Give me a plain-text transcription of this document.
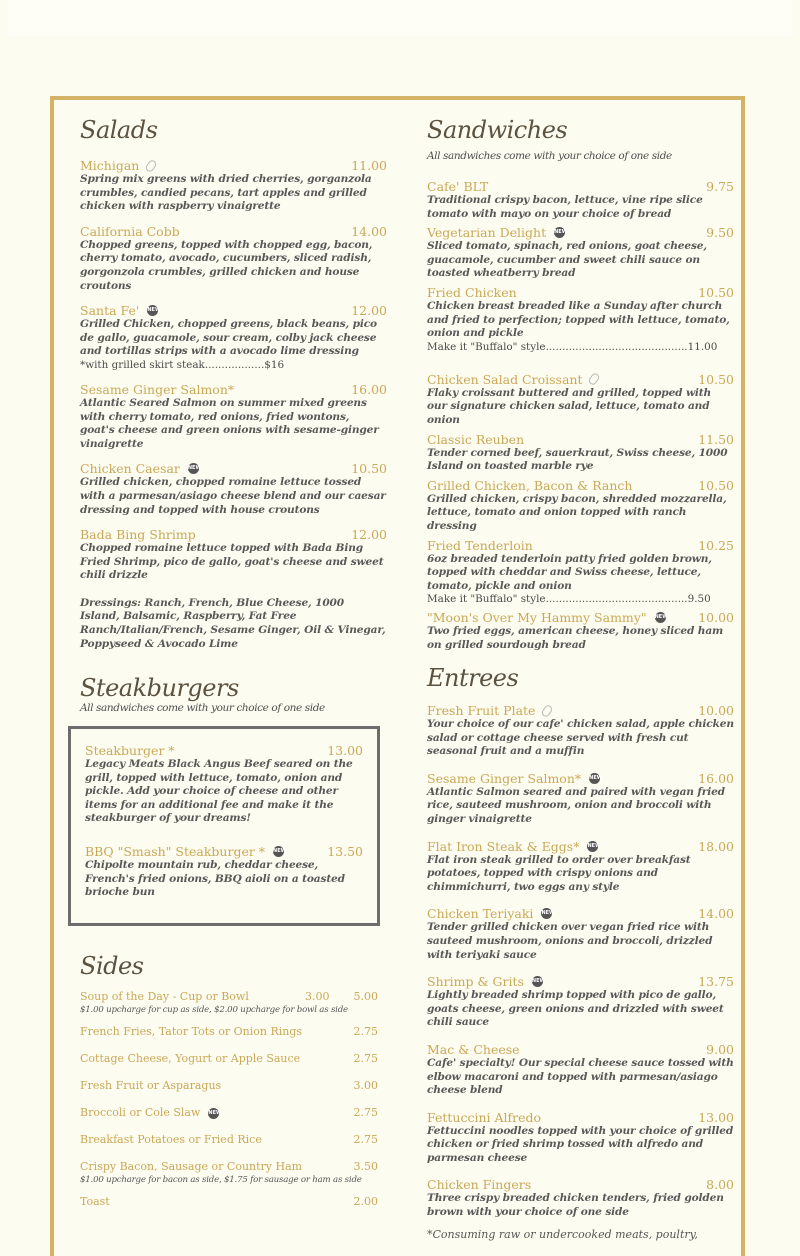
Salads
Michigan	11.00
Spring mix greens with dried cherries, gorganzola crumbles, candied pecans, tart apples and grilled chicken with raspberry vinaigrette
California Cobb	14.00
Chopped greens, topped with chopped egg, bacon, cherry tomato, avocado, cucumbers, sliced radish, gorgonzola crumbles, grilled chicken and house croutons
Santa Fe' NEW	12.00
Grilled Chicken, chopped greens, black beans, pico de gallo, guacamole, sour cream, colby jack cheese and tortillas strips with a avocado lime dressing
*with grilled skirt steak..................$16
Sesame Ginger Salmon*	16.00
Atlantic Seared Salmon on summer mixed greens with cherry tomato, red onions, fried wontons, goat's cheese and green onions with sesame-ginger vinaigrette
Chicken Caesar NEW	10.50
Grilled chicken, chopped romaine lettuce tossed with a parmesan/asiago cheese blend and our caesar dressing and topped with house croutons
Bada Bing Shrimp	12.00
Chopped romaine lettuce topped with Bada Bing Fried Shrimp, pico de gallo, goat's cheese and sweet chili drizzle
Dressings: Ranch, French, Blue Cheese, 1000 Island, Balsamic, Raspberry, Fat Free Ranch/Italian/French, Sesame Ginger, Oil & Vinegar, Poppyseed & Avocado Lime
Steakburgers
All sandwiches come with your choice of one side
Steakburger *	13.00
Legacy Meats Black Angus Beef seared on the grill, topped with lettuce, tomato, onion and pickle. Add your choice of cheese and other items for an additional fee and make it the steakburger of your dreams!
BBQ "Smash" Steakburger * NEW	13.50
Chipolte mountain rub, cheddar cheese, French's fried onions, BBQ aioli on a toasted brioche bun
Sides
Soup of the Day - Cup or Bowl	3.00 5.00
$1.00 upcharge for cup as side, $2.00 upcharge for bowl as side
French Fries, Tator Tots or Onion Rings	2.75
Cottage Cheese, Yogurt or Apple Sauce	2.75
Fresh Fruit or Asparagus	3.00
Broccoli or Cole Slaw NEW	2.75
Breakfast Potatoes or Fried Rice	2.75
Crispy Bacon, Sausage or Country Ham	3.50
$1.00 upcharge for bacon as side, $1.75 for sausage or ham as side
Toast	2.00
Sandwiches
All sandwiches come with your choice of one side
Cafe' BLT	9.75
Traditional crispy bacon, lettuce, vine ripe slice tomato with mayo on your choice of bread
Vegetarian Delight NEW	9.50
Sliced tomato, spinach, red onions, goat cheese, guacamole, cucumber and sweet chili sauce on toasted wheatberry bread
Fried Chicken	10.50
Chicken breast breaded like a Sunday after church and fried to perfection; topped with lettuce, tomato, onion and pickle
Make it "Buffalo" style...........................................11.00
Chicken Salad Croissant	10.50
Flaky croissant buttered and grilled, topped with our signature chicken salad, lettuce, tomato and onion
Classic Reuben	11.50
Tender corned beef, sauerkraut, Swiss cheese, 1000 Island on toasted marble rye
Grilled Chicken, Bacon & Ranch	10.50
Grilled chicken, crispy bacon, shredded mozzarella, lettuce, tomato and onion topped with ranch dressing
Fried Tenderloin	10.25
6oz breaded tenderloin patty fried golden brown, topped with cheddar and Swiss cheese, lettuce, tomato, pickle and onion
Make it "Buffalo" style...........................................9.50
"Moon's Over My Hammy Sammy" NEW 10.00
Two fried eggs, american cheese, honey sliced ham on grilled sourdough bread
Entrees
Fresh Fruit Plate	10.00
Your choice of our cafe' chicken salad, apple chicken salad or cottage cheese served with fresh cut seasonal fruit and a muffin
Sesame Ginger Salmon* NEW	16.00
Atlantic Salmon seared and paired with vegan fried rice, sauteed mushroom, onion and broccoli with ginger vinaigrette
Flat Iron Steak & Eggs* NEW	18.00
Flat iron steak grilled to order over breakfast potatoes, topped with crispy onions and chimmichurri, two eggs any style
Chicken Teriyaki NEW	14.00
Tender grilled chicken over vegan fried rice with sauteed mushroom, onions and broccoli, drizzled with teriyaki sauce
Shrimp & Grits NEW	13.75
Lightly breaded shrimp topped with pico de gallo, goats cheese, green onions and drizzled with sweet chili sauce
Mac & Cheese	9.00
Cafe' specialty! Our special cheese sauce tossed with elbow macaroni and topped with parmesan/asiago cheese blend
Fettuccini Alfredo	13.00
Fettuccini noodles topped with your choice of grilled chicken or fried shrimp tossed with alfredo and parmesan cheese
Chicken Fingers	8.00
Three crispy breaded chicken tenders, fried golden brown with your choice of one side
*Consuming raw or undercooked meats, poultry,
